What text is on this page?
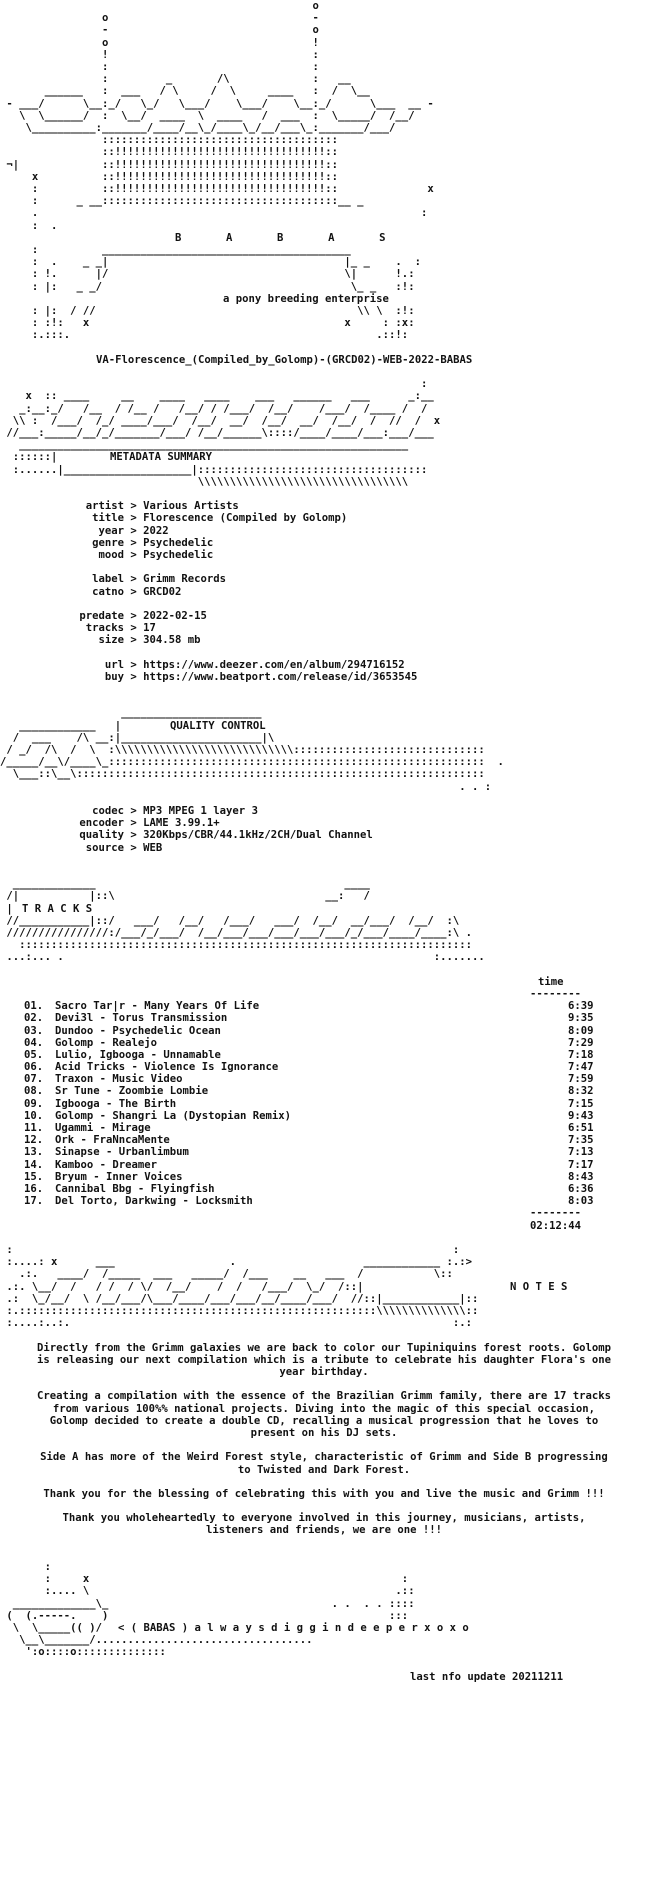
o
o                                -
-                                o
o                                !
!                                :
:                                :
:         _       /\             :   __
______   :  ___   / \     /  \     ____   :  /  \__
- ___/      \__:_/   \_/   \___/    \___/    \__:_/      \___  __ -
\  \______/  :  \__/  ____  \  ____   /  ___  :  \_____/  /__/
\__________:_______/____/__\_/____\_/__/___\_:_______/___/
:::::::::::::::::::::::::::::::::::::
::!!!!!!!!!!!!!!!!!!!!!!!!!!!!!!!!!::
¬|             ::!!!!!!!!!!!!!!!!!!!!!!!!!!!!!!!!!::
x          ::!!!!!!!!!!!!!!!!!!!!!!!!!!!!!!!!!::
:          ::!!!!!!!!!!!!!!!!!!!!!!!!!!!!!!!!!::              x
:      _ __:::::::::::::::::::::::::::::::::::::__ _
.                                                            :
:  .
B       A       B       A       S
:          _______________________________________
:  .    _ _|                                     |_ _    .  :
: !.      |/                                     \|      !.:
: |:   _ _/                                       \_ _   :!:
a pony breeding enterprise
: |:  / //                                         \\ \  :!:
: :!:   x                                        x     : :x:
:.:::.                                                .::!:

VA-Florescence_(Compiled_by_Golomp)-(GRCD02)-WEB-2022-BABAS
:
x  :: ____     __    ____   ____    ___   ______   ___      _:__
_:__:_/   /__  / /__ /   /__/ / /___/  /__/    /___/  /____ /  /
\\ :  /___/  /_/ ____/___/  /__/  __/  /__/  __/  /__/  /  //  /  x
//___:_____/__/_/_______/___/ /__/______\::::/____/____/___:___/___
_____________________________________________________________
::::::|	METADATA SUMMARY
:......|____________________|::::::::::::::::::::::::::::::::::::
\\\\\\\\\\\\\\\\\\\\\\\\\\\\\\\\\

artist > Various Artists
title > Florescence (Compiled by Golomp)
year > 2022
genre > Psychedelic
mood > Psychedelic
label > Grimm Records
catno > GRCD02
predate > 2022-02-15
tracks > 17
size > 304.58 mb
url > https://www.deezer.com/en/album/294716152
buy > https://www.beatport.com/release/id/3653545
______________________
____________   |	QUALITY CONTROL
/  ___    /\ __:|______________________|\
/ _/  /\  /  \  :\\\\\\\\\\\\\\\\\\\\\\\\\\\\::::::::::::::::::::::::::::::
/_____/__\/____\_:::::::::::::::::::::::::::::::::::::::::::::::::::::::::::  .
\___::\__\::::::::::::::::::::::::::::::::::::::::::::::::::::::::::::::::
. . :

codec > MP3 MPEG 1 layer 3
encoder > LAME 3.99.1+
quality > 320Kbps/CBR/44.1kHz/2CH/Dual Channel
source > WEB
_____________                                       ____
/|           |::\                                 __:   /
| T R A C K S
//___________|::/   ___/   /__/   /___/   ___/  /__/  __/___/  /__/  :\
////////////////:/___/_/___/  /__/___/___/___/___/___/_/___/____/____:\ .
:::::::::::::::::::::::::::::::::::::::::::::::::::::::::::::::::::::::
...:... .                                                          :.......

time
--------
01. Sacro Tar|r - Many Years Of Life	6:39
02. Devi3l - Torus Transmission	9:35
03. Dundoo - Psychedelic Ocean	8:09
04. Golomp - Realejo	7:29
05. Lulio, Igbooga - Unnamable	7:18
06. Acid Tricks - Violence Is Ignorance	7:47
07. Traxon - Music Video	7:59
08. Sr Tune - Zoombie Lombie	8:32
09. Igbooga - The Birth	7:15
10. Golomp - Shangri La (Dystopian Remix)	9:43
11. Ugammi - Mirage	6:51
12. Ork - FraNncaMente	7:35
13. Sinapse - Urbanlimbum	7:13
14. Kamboo - Dreamer	7:17
15. Bryum - Inner Voices	8:43
16. Cannibal Bbg - Flyingfish	6:36
17. Del Torto, Darkwing - Locksmith	8:03
--------
02:12:44
:                                                                     :
:....: x      ___                  .                    ____________ :.:>
.:.   ____/  /_____  ___   _____/  /___    __   ___  /           \::
.:. \__/  /   / /  / \/  /__/    /  /   /___/  \_/  /::|	N O T E S
.:  \_/__/  \ /__/___/\___/____/___/___/__/____/___/  //::|____________|::
:.::::::::::::::::::::::::::::::::::::::::::::::::::::::::\\\\\\\\\\\\\\::
:....:..:.                                                            :.:

Directly from the Grimm galaxies we are back to color our Tupiniquins forest roots. Golomp is releasing our next compilation which is a tribute to celebrate his daughter Flora's one year birthday.

Creating a compilation with the essence of the Brazilian Grimm family, there are 17 tracks from various 100%% national projects. Diving into the magic of this special occasion, Golomp decided to create a double CD, recalling a musical progression that he loves to present on his DJ sets.

Side A has more of the Weird Forest style, characteristic of Grimm and Side B progressing to Twisted and Dark Forest.

Thank you for the blessing of celebrating this with you and live the music and Grimm !!!

Thank you wholeheartedly to everyone involved in this journey, musicians, artists, listeners and friends, we are one !!!

:
:     x                                                 :
:.... \                                                .::
_____________\_                                   . .  . . ::::
(  (.-----.    )                                            :::
\  \_____(( )/	< ( BABAS ) a l w a y s d i g g i n d e e p e r x o x o
\__\_______/..................................
':o::::o::::::::::::::

last nfo update 20211211
